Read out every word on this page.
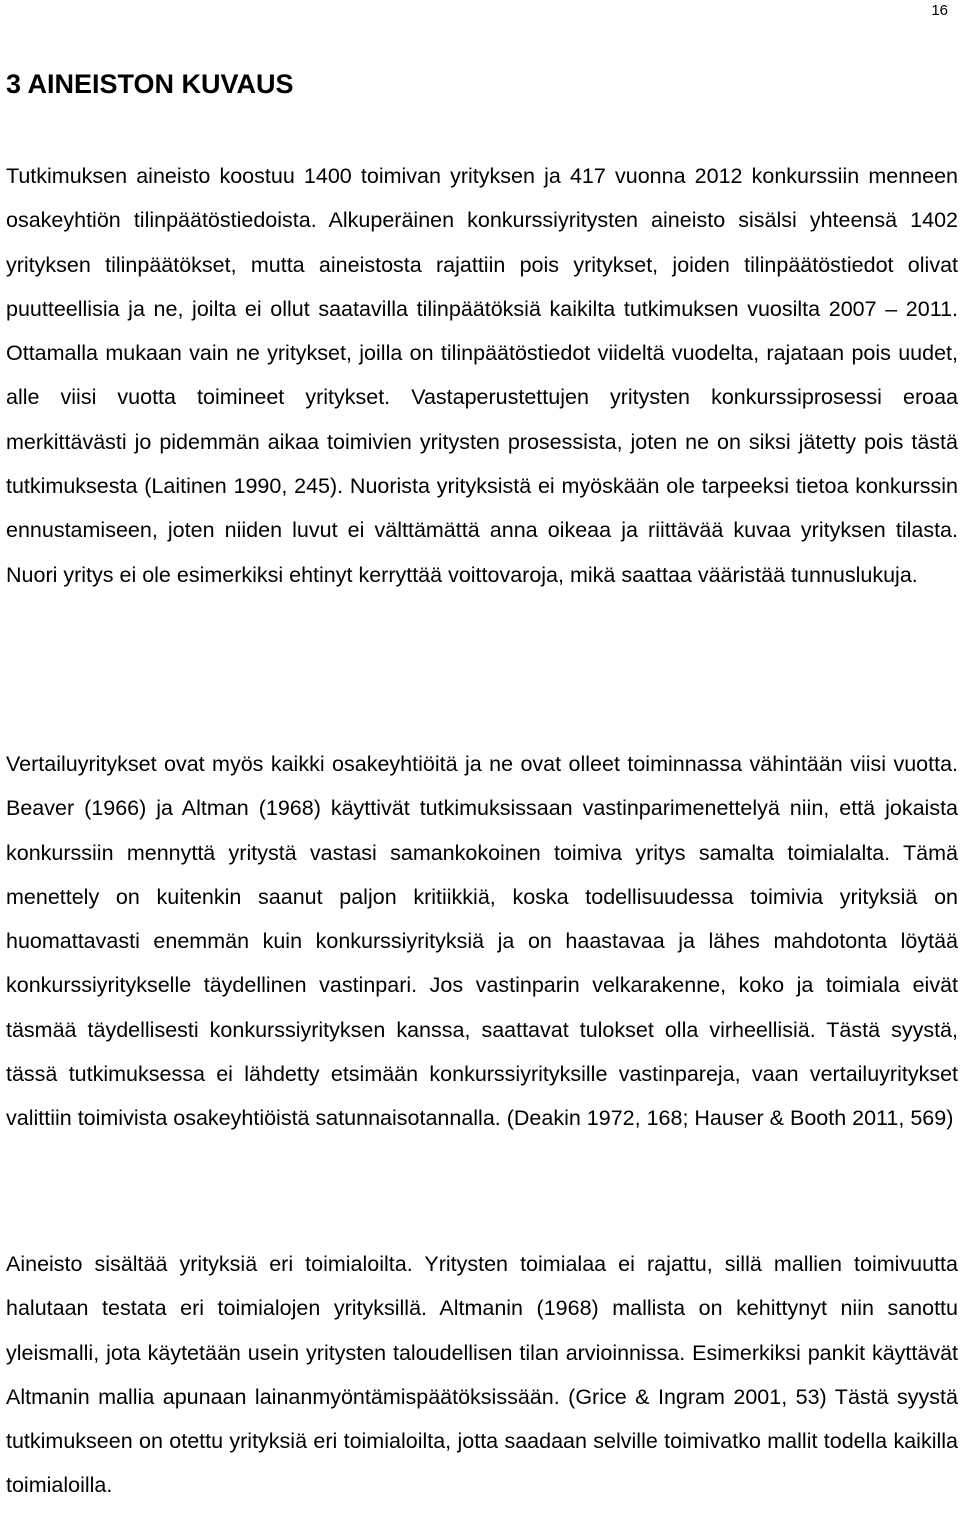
16
3 AINEISTON KUVAUS

Tutkimuksen aineisto koostuu 1400 toimivan yrityksen ja 417 vuonna 2012 konkurssiin menneen osakeyhtiön tilinpäätöstiedoista. Alkuperäinen konkurssiyritysten aineisto sisälsi yhteensä 1402 yrityksen tilinpäätökset, mutta aineistosta rajattiin pois yritykset, joiden tilinpäätöstiedot olivat puutteellisia ja ne, joilta ei ollut saatavilla tilinpäätöksiä kaikilta tutkimuksen vuosilta 2007 – 2011. Ottamalla mukaan vain ne yritykset, joilla on tilinpäätöstiedot viideltä vuodelta, rajataan pois uudet, alle viisi vuotta toimineet yritykset. Vastaperustettujen yritysten konkurssiprosessi eroaa merkittävästi jo pidemmän aikaa toimivien yritysten prosessista, joten ne on siksi jätetty pois tästä tutkimuksesta (Laitinen 1990, 245). Nuorista yrityksistä ei myöskään ole tarpeeksi tietoa konkurssin ennustamiseen, joten niiden luvut ei välttämättä anna oikeaa ja riittävää kuvaa yrityksen tilasta. Nuori yritys ei ole esimerkiksi ehtinyt kerryttää voittovaroja, mikä saattaa vääristää tunnuslukuja.

Vertailuyritykset ovat myös kaikki osakeyhtiöitä ja ne ovat olleet toiminnassa vähintään viisi vuotta. Beaver (1966) ja Altman (1968) käyttivät tutkimuksissaan vastinparimenettelyä niin, että jokaista konkurssiin mennyttä yritystä vastasi samankokoinen toimiva yritys samalta toimialalta. Tämä menettely on kuitenkin saanut paljon kritiikkiä, koska todellisuudessa toimivia yrityksiä on huomattavasti enemmän kuin konkurssiyrityksiä ja on haastavaa ja lähes mahdotonta löytää konkurssiyritykselle täydellinen vastinpari. Jos vastinparin velkarakenne, koko ja toimiala eivät täsmää täydellisesti konkurssiyrityksen kanssa, saattavat tulokset olla virheellisiä. Tästä syystä, tässä tutkimuksessa ei lähdetty etsimään konkurssiyrityksille vastinpareja, vaan vertailuyritykset valittiin toimivista osakeyhtiöistä satunnaisotannalla. (Deakin 1972, 168; Hauser & Booth 2011, 569)

Aineisto sisältää yrityksiä eri toimialoilta. Yritysten toimialaa ei rajattu, sillä mallien toimivuutta halutaan testata eri toimialojen yrityksillä. Altmanin (1968) mallista on kehittynyt niin sanottu yleismalli, jota käytetään usein yritysten taloudellisen tilan arvioinnissa. Esimerkiksi pankit käyttävät Altmanin mallia apunaan lainanmyöntämispäätöksissään. (Grice & Ingram 2001, 53) Tästä syystä tutkimukseen on otettu yrityksiä eri toimialoilta, jotta saadaan selville toimivatko mallit todella kaikilla toimialoilla.
